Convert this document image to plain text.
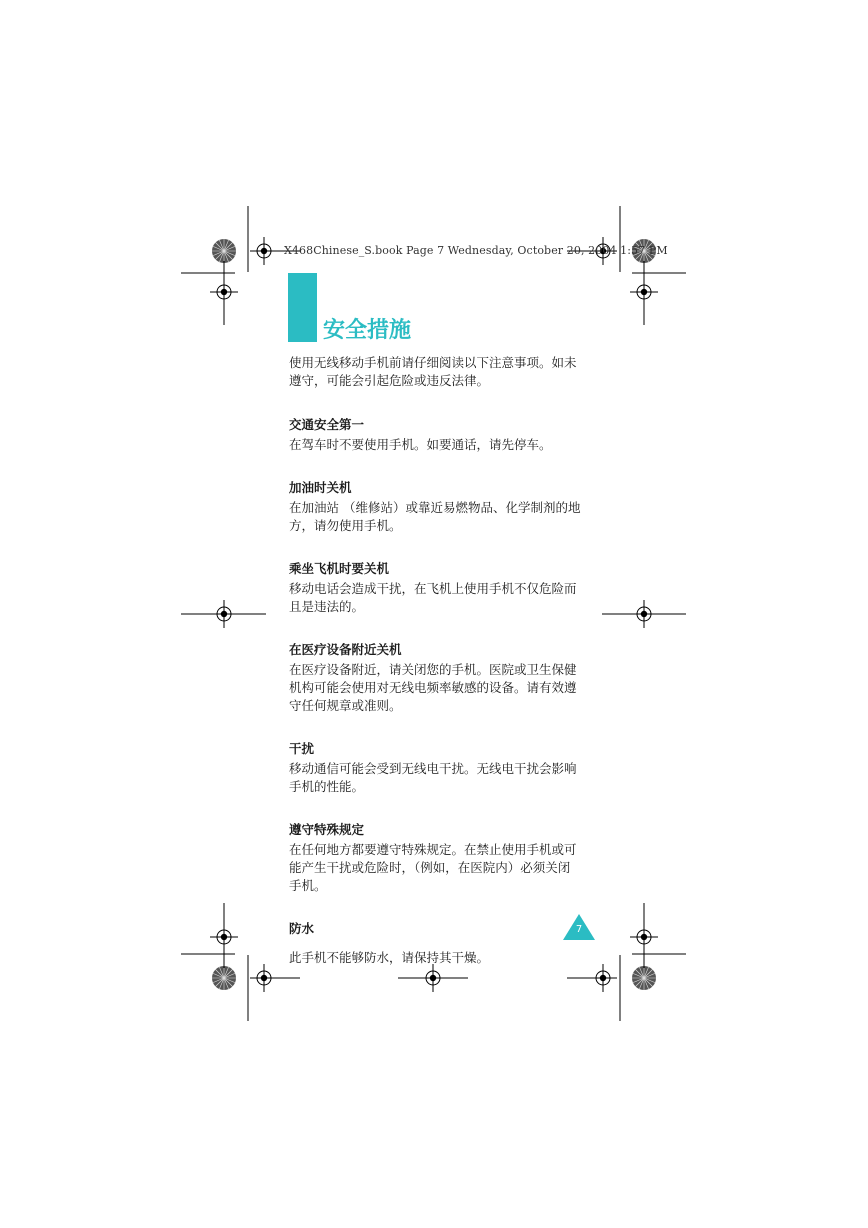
X468Chinese_S.book Page 7 Wednesday, October 20, 2004 1:57 PM
安全措施

使用无线移动手机前请仔细阅读以下注意事项。如未遵守，可能会引起危险或违反法律。

交通安全第一

在驾车时不要使用手机。如要通话，请先停车。

加油时关机

在加油站 （维修站）或靠近易燃物品、化学制剂的地方，请勿使用手机。

乘坐飞机时要关机

移动电话会造成干扰，在飞机上使用手机不仅危险而且是违法的。

在医疗设备附近关机

在医疗设备附近，请关闭您的手机。医院或卫生保健机构可能会使用对无线电频率敏感的设备。请有效遵守任何规章或准则。

干扰

移动通信可能会受到无线电干扰。无线电干扰会影响手机的性能。

遵守特殊规定

在任何地方都要遵守特殊规定。在禁止使用手机或可能产生干扰或危险时，（例如，在医院内）必须关闭手机。

防水

此手机不能够防水，请保持其干燥。

7
